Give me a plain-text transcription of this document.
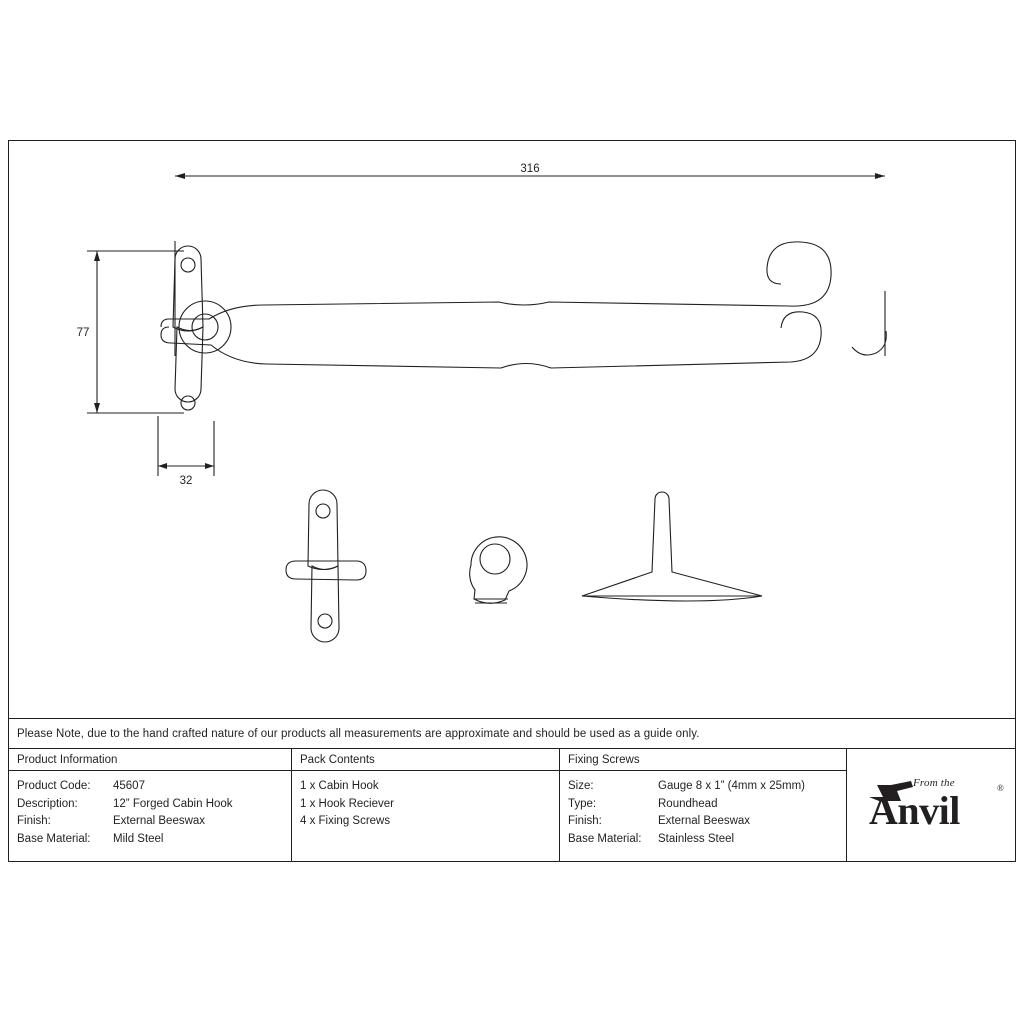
316
77
32
Please Note, due to the hand crafted nature of our products all measurements are approximate and should be used as a guide only.
Product Information
Product Code:	45607
Description:	12” Forged Cabin Hook
Finish:	External Beeswax
Base Material:	Mild Steel
Pack Contents
1 x Cabin Hook
1 x Hook Reciever
4 x Fixing Screws
Fixing Screws
Size:	Gauge 8 x 1” (4mm x 25mm)
Type:	Roundhead
Finish:	External Beeswax
Base Material:	Stainless Steel
From the
Anvil	®
